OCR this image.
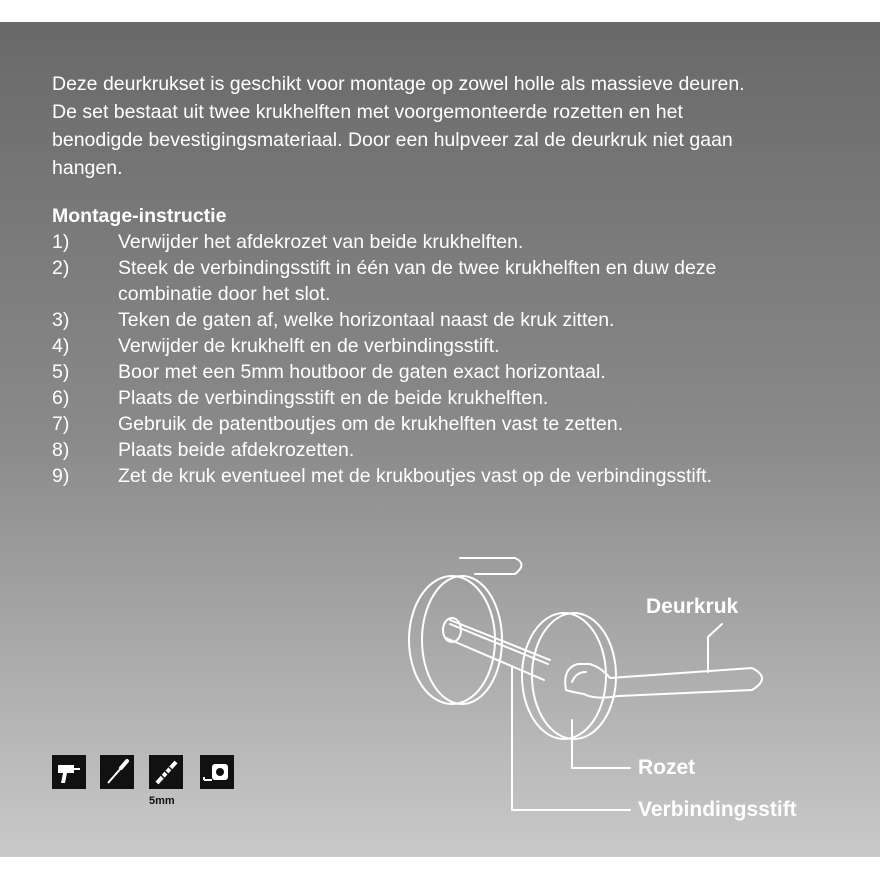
Deze deurkrukset is geschikt voor montage op zowel holle als massieve deuren.
De set bestaat uit twee krukhelften met voorgemonteerde rozetten en het
benodigde bevestigingsmateriaal. Door een hulpveer zal de deurkruk niet gaan
hangen.

Montage-instructie
1) Verwijder het afdekrozet van beide krukhelften.
2) Steek de verbindingsstift in één van de twee krukhelften en duw deze
combinatie door het slot.
3) Teken de gaten af, welke horizontaal naast de kruk zitten.
4) Verwijder de krukhelft en de verbindingsstift.
5) Boor met een 5mm houtboor de gaten exact horizontaal.
6) Plaats de verbindingsstift en de beide krukhelften.
7) Gebruik de patentboutjes om de krukhelften vast te zetten.
8) Plaats beide afdekrozetten.
9) Zet de kruk eventueel met de krukboutjes vast op de verbindingsstift.
Deurkruk
Rozet
Verbindingsstift
5mm
